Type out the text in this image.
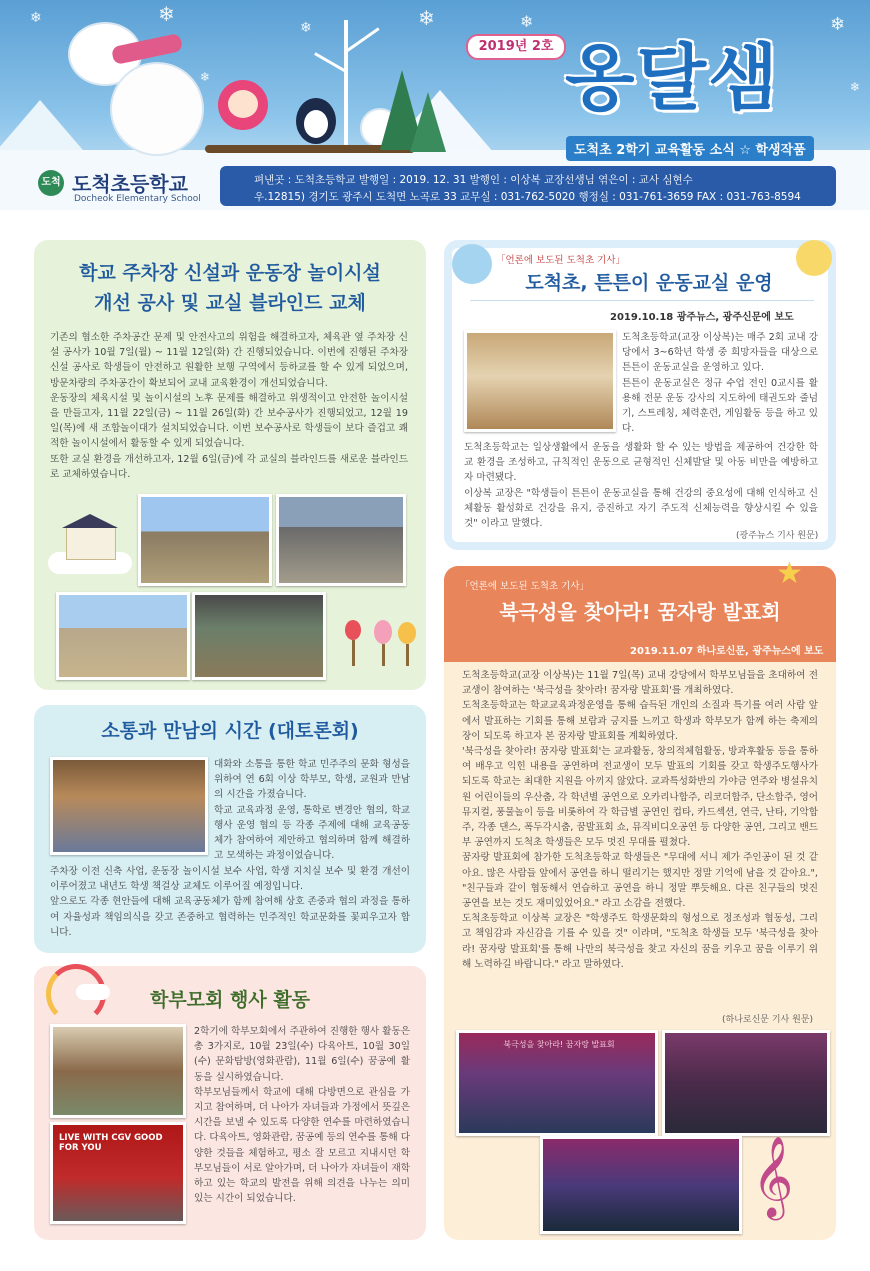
❄
❄	❄	❄
❄	❄
❄
❄
2019년 2호 옹달샘
도척초 2학기 교육활동 소식 ☆ 학생작품
도척 도척초등학교
Docheok Elementary School
펴낸곳 : 도척초등학교 발행일 : 2019. 12. 31 발행인 : 이상복 교장선생님 엮은이 : 교사 심현수
우.12815) 경기도 광주시 도척면 노곡로 33 교무실 : 031-762-5020 행정실 : 031-761-3659 FAX : 031-763-8594
학교 주차장 신설과 운동장 놀이시설
개선 공사 및 교실 블라인드 교체
기존의 협소한 주차공간 문제 및 안전사고의 위험을 해결하고자, 체육관 옆 주차장 신설 공사가 10월 7일(월) ~ 11월 12일(화) 간 진행되었습니다. 이번에 진행된 주차장 신설 공사로 학생들이 안전하고 원활한 보행 구역에서 등하교를 할 수 있게 되었으며, 방문차량의 주차공간이 확보되어 교내 교육환경이 개선되었습니다.
운동장의 체육시설 및 놀이시설의 노후 문제를 해결하고 위생적이고 안전한 놀이시설을 만들고자, 11월 22일(금) ~ 11월 26일(화) 간 보수공사가 진행되었고, 12월 19일(목)에 새 조합놀이대가 설치되었습니다. 이번 보수공사로 학생들이 보다 즐겁고 쾌적한 놀이시설에서 활동할 수 있게 되었습니다.
또한 교실 환경을 개선하고자, 12월 6일(금)에 각 교실의 블라인드를 새로운 블라인드로 교체하였습니다.
소통과 만남의 시간 (대토론회)
대화와 소통을 통한 학교 민주주의 문화 형성을 위하여 연 6회 이상 학부모, 학생, 교원과 만남의 시간을 가졌습니다.
학교 교육과정 운영, 통학로 변경안 협의, 학교행사 운영 협의 등 각종 주제에 대해 교육공동체가 참여하여 제안하고 협의하며 함께 해결하고 모색하는 과정이었습니다.
주차장 이전 신축 사업, 운동장 놀이시설 보수 사업, 학생 지치실 보수 및 환경 개선이 이루어졌고 내년도 학생 책걸상 교체도 이루어질 예정입니다.
앞으로도 각종 현안들에 대해 교육공동체가 함께 참여해 상호 존중과 협의 과정을 통하여 자율성과 책임의식을 갖고 존중하고 협력하는 민주적인 학교문화를 꽃피우고자 합니다.
학부모회 행사 활동
LIVE WITH CGV GOOD FOR YOU
2학기에 학부모회에서 주관하여 진행한 행사 활동은 총 3가지로, 10월 23일(수) 다육아트, 10월 30일(수) 문화탐방(영화관람), 11월 6일(수) 꿈공예 활동을 실시하였습니다.
학부모님들께서 학교에 대해 다방면으로 관심을 가지고 참여하며, 더 나아가 자녀들과 가정에서 뜻깊은 시간을 보낼 수 있도록 다양한 연수를 마련하였습니다. 다육아트, 영화관람, 꿈공예 등의 연수를 통해 다양한 것들을 체험하고, 평소 잘 모르고 지내시던 학부모님들이 서로 알아가며, 더 나아가 자녀들이 재학하고 있는 학교의 발전을 위해 의견을 나누는 의미 있는 시간이 되었습니다.
「언론에 보도된 도척초 기사」
도척초, 튼튼이 운동교실 운영
2019.10.18 광주뉴스, 광주신문에 보도
도척초등학교(교장 이상복)는 매주 2회 교내 강당에서 3~6학년 학생 중 희망자들을 대상으로 튼튼이 운동교실을 운영하고 있다.
튼튼이 운동교실은 정규 수업 전인 0교시를 활용해 전문 운동 강사의 지도하에 태권도와 줄넘기, 스트레칭, 체력훈련, 게임활동 등을 하고 있다.
도척초등학교는 일상생활에서 운동을 생활화 할 수 있는 방법을 제공하여 건강한 학교 환경을 조성하고, 규칙적인 운동으로 균형적인 신체발달 및 아동 비만을 예방하고자 마련됐다.
이상복 교장은 "학생들이 튼튼이 운동교실을 통해 건강의 중요성에 대해 인식하고 신체활동 활성화로 건강을 유지, 증진하고 자기 주도적 신체능력을 향상시킬 수 있을 것" 이라고 말했다.
(광주뉴스 기사 원문)
★
「언론에 보도된 도척초 기사」
북극성을 찾아라! 꿈자랑 발표회
2019.11.07 하나로신문, 광주뉴스에 보도
도척초등학교(교장 이상복)는 11월 7일(목) 교내 강당에서 학부모님들을 초대하여 전교생이 참여하는 '북극성을 찾아라! 꿈자랑 발표회'를 개최하였다.
도척초등학교는 학교교육과정운영을 통해 습득된 개인의 소질과 특기를 여러 사람 앞에서 발표하는 기회를 통해 보람과 긍지를 느끼고 학생과 학부모가 함께 하는 축제의 장이 되도록 하고자 본 꿈자랑 발표회를 계획하였다.
'북극성을 찾아라! 꿈자랑 발표회'는 교과활동, 창의적체험활동, 방과후활동 등을 통하여 배우고 익힌 내용을 공연하며 전교생이 모두 발표의 기회를 갖고 학생주도행사가 되도록 학교는 최대한 지원을 아끼지 않았다. 교과특성화반의 가야금 연주와 병설유치원 어린이들의 우산춤, 각 학년별 공연으로 오카리나합주, 리코더합주, 단소합주, 영어뮤지컬, 풍물놀이 등을 비롯하여 각 학급별 공연인 컵타, 카드섹션, 연극, 난타, 기악합주, 각종 댄스, 폭두각시춤, 꿈발표회 쇼, 뮤직비디오공연 등 다양한 공연, 그리고 밴드부 공연까지 도척초 학생들은 모두 멋진 무대를 펼쳤다.
꿈자랑 발표회에 참가한 도척초등학교 학생들은 "무대에 서니 제가 주인공이 된 것 같아요. 많은 사람들 앞에서 공연을 하니 떨리기는 했지만 정말 기억에 남을 것 같아요.", "친구들과 같이 협동해서 연습하고 공연을 하니 정말 뿌듯해요. 다른 친구들의 멋진 공연을 보는 것도 재미있었어요." 라고 소감을 전했다.
도척초등학교 이상복 교장은 "학생주도 학생문화의 형성으로 정조성과 협동성, 그리고 책임감과 자신감을 기를 수 있을 것" 이라며, "도척초 학생들 모두 '북극성을 찾아라! 꿈자랑 발표회'를 통해 나만의 북극성을 찾고 자신의 꿈을 키우고 꿈을 이루기 위해 노력하길 바랍니다." 라고 말하였다.
(하나로신문 기사 원문)
북극성을 찾아라! 꿈자랑 발표회
𝄞
